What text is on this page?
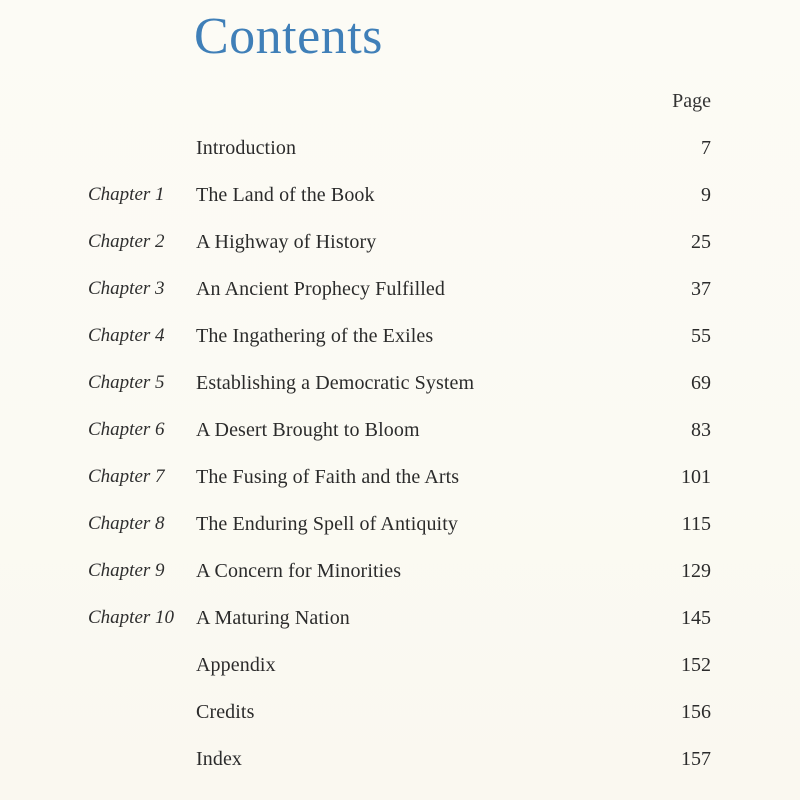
Contents
Page
Introduction	7
Chapter 1 The Land of the Book	9
Chapter 2 A Highway of History	25
Chapter 3 An Ancient Prophecy Fulfilled	37
Chapter 4 The Ingathering of the Exiles	55
Chapter 5 Establishing a Democratic System	69
Chapter 6 A Desert Brought to Bloom	83
Chapter 7 The Fusing of Faith and the Arts	101
Chapter 8 The Enduring Spell of Antiquity	115
Chapter 9 A Concern for Minorities	129
Chapter 10 A Maturing Nation	145
Appendix	152
Credits	156
Index	157
